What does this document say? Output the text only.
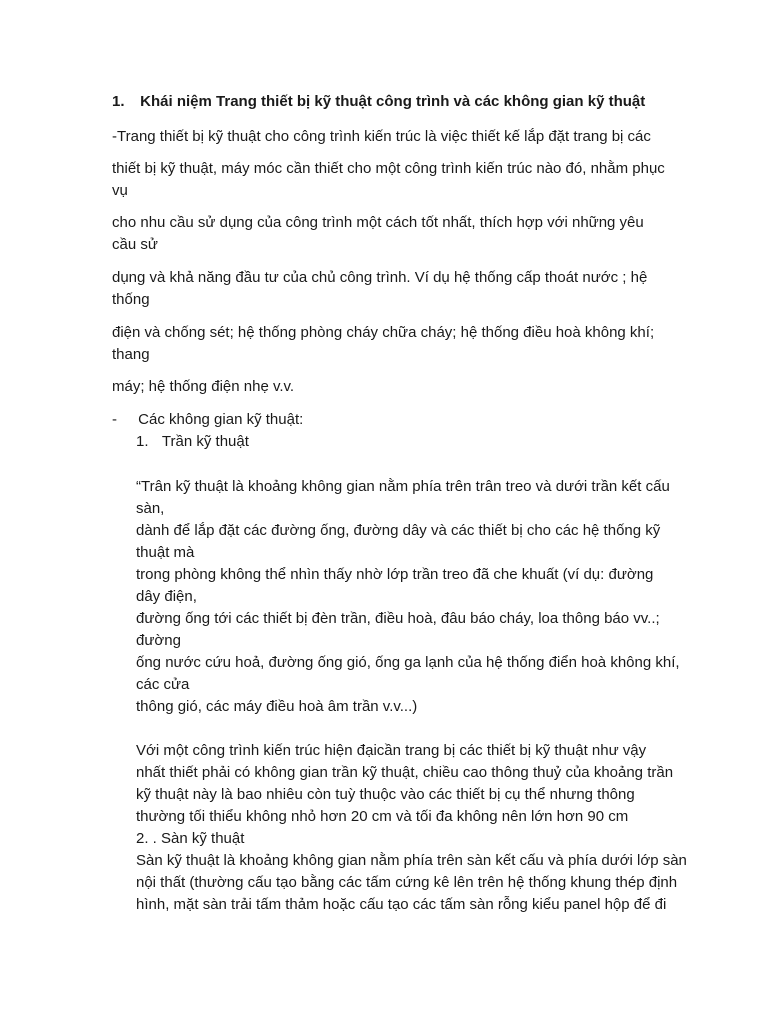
1. Khái niệm Trang thiết bị kỹ thuật công trình và các không gian kỹ thuật
-Trang thiết bị kỹ thuật cho công trình kiến trúc là việc thiết kế lắp đặt trang bị các
thiết bị kỹ thuật, máy móc cần thiết cho một công trình kiến trúc nào đó, nhằm phục vụ
cho nhu cầu sử dụng của công trình một cách tốt nhất, thích hợp với những yêu cầu sử
dụng và khả năng đầu tư của chủ công trình. Ví dụ hệ thống cấp thoát nước ; hệ thống
điện và chống sét; hệ thống phòng cháy chữa cháy; hệ thống điều hoà không khí; thang
máy; hệ thống điện nhẹ v.v.
- Các không gian kỹ thuật:
1. Trần kỹ thuật
“Trân kỹ thuật là khoảng không gian nằm phía trên trân treo và dưới trần kết cấu
sàn,
dành để lắp đặt các đường ống, đường dây và các thiết bị cho các hệ thống kỹ
thuật mà
trong phòng không thể nhìn thấy nhờ lớp trần treo đã che khuất (ví dụ: đường
dây điện,
đường ống tới các thiết bị đèn trần, điều hoà, đâu báo cháy, loa thông báo vv..;
đường
ống nước cứu hoả, đường ống gió, ống ga lạnh của hệ thống điển hoà không khí,
các cửa
thông gió, các máy điều hoà âm trần v.v...)
Với một công trình kiến trúc hiện đạicần trang bị các thiết bị kỹ thuật như vậy
nhất thiết phải có không gian trần kỹ thuật, chiều cao thông thuỷ của khoảng trần
kỹ thuật này là bao nhiêu còn tuỳ thuộc vào các thiết bị cụ thể nhưng thông
thường tối thiểu không nhỏ hơn 20 cm và tối đa không nên lớn hơn 90 cm
2. . Sàn kỹ thuật
Sàn kỹ thuật là khoảng không gian nằm phía trên sàn kết cấu và phía dưới lớp sàn
nội thất (thường cấu tạo bằng các tấm cứng kê lên trên hệ thống khung thép định
hình, mặt sàn trải tấm thảm hoặc cấu tạo các tấm sàn rỗng kiểu panel hộp để đi
